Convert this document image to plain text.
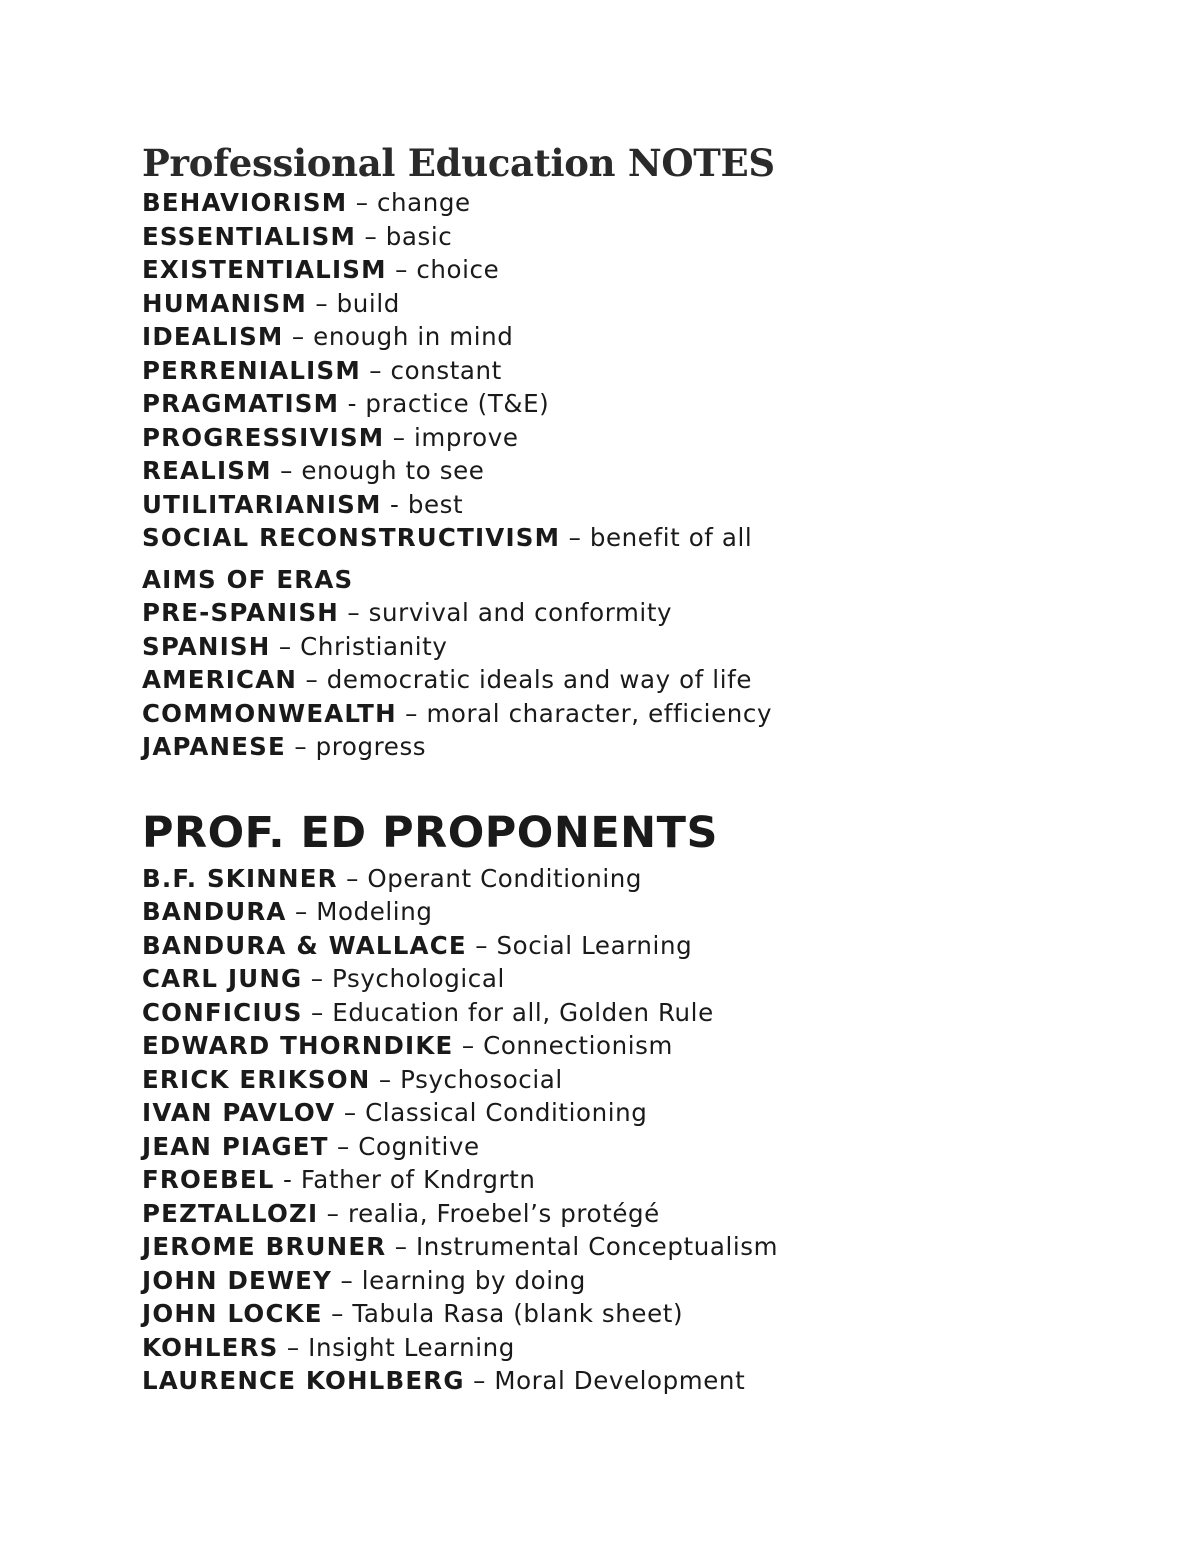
Professional Education NOTES
BEHAVIORISM – change
ESSENTIALISM – basic
EXISTENTIALISM – choice
HUMANISM – build
IDEALISM – enough in mind
PERRENIALISM – constant
PRAGMATISM - practice (T&E)
PROGRESSIVISM – improve
REALISM – enough to see
UTILITARIANISM - best
SOCIAL RECONSTRUCTIVISM – benefit of all
AIMS OF ERAS
PRE-SPANISH – survival and conformity
SPANISH – Christianity
AMERICAN – democratic ideals and way of life
COMMONWEALTH – moral character, efficiency
JAPANESE – progress
PROF. ED PROPONENTS
B.F. SKINNER – Operant Conditioning
BANDURA – Modeling
BANDURA & WALLACE – Social Learning
CARL JUNG – Psychological
CONFICIUS – Education for all, Golden Rule
EDWARD THORNDIKE – Connectionism
ERICK ERIKSON – Psychosocial
IVAN PAVLOV – Classical Conditioning
JEAN PIAGET – Cognitive
FROEBEL - Father of Kndrgrtn
PEZTALLOZI – realia, Froebel’s protégé
JEROME BRUNER – Instrumental Conceptualism
JOHN DEWEY – learning by doing
JOHN LOCKE – Tabula Rasa (blank sheet)
KOHLERS – Insight Learning
LAURENCE KOHLBERG – Moral Development
